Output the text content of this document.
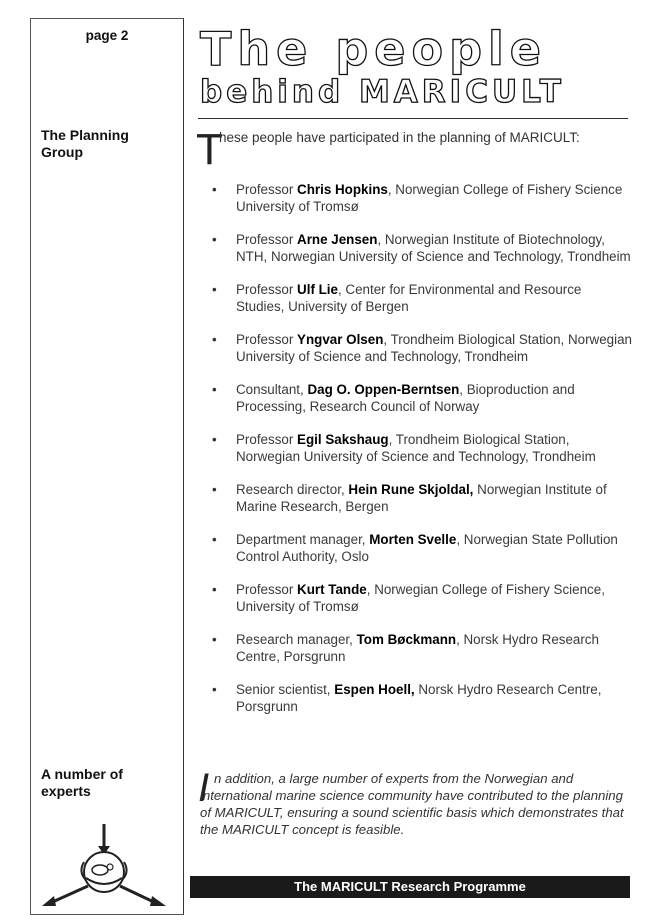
page 2	The people
behind MARICULT
The Planning Group	T
hese people have participated in the planning of MARICULT:
• Professor Chris Hopkins, Norwegian College of Fishery Science University of Tromsø
• Professor Arne Jensen, Norwegian Institute of Biotechnology, NTH, Norwegian University of Science and Technology, Trondheim
• Professor Ulf Lie, Center for Environmental and Resource Studies, University of Bergen
• Professor Yngvar Olsen, Trondheim Biological Station, Norwegian University of Science and Technology, Trondheim
• Consultant, Dag O. Oppen-Berntsen, Bioproduction and Processing, Research Council of Norway
• Professor Egil Sakshaug, Trondheim Biological Station, Norwegian University of Science and Technology, Trondheim
• Research director, Hein Rune Skjoldal, Norwegian Institute of Marine Research, Bergen
• Department manager, Morten Svelle, Norwegian State Pollution Control Authority, Oslo
• Professor Kurt Tande, Norwegian College of Fishery Science, University of Tromsø
• Research manager, Tom Bøckmann, Norsk Hydro Research Centre, Porsgrunn
• Senior scientist, Espen Hoell, Norsk Hydro Research Centre, Porsgrunn
A number of experts	I n addition, a large number of experts from the Norwegian and international marine science community have contributed to the planning of MARICULT, ensuring a sound scientific basis which demonstrates that the MARICULT concept is feasible.
The MARICULT Research Programme
